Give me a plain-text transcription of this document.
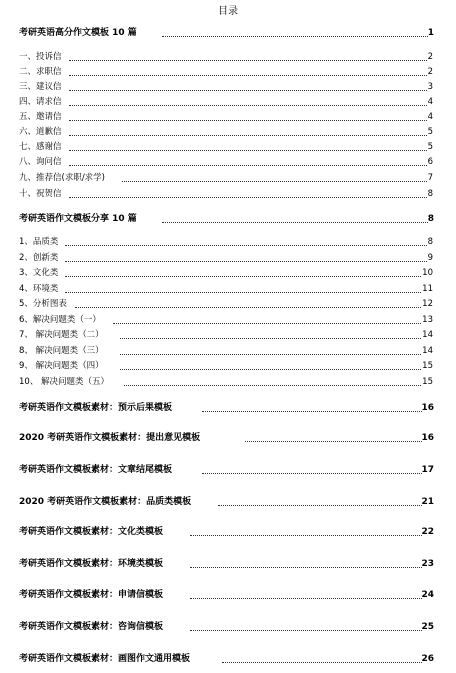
目录
考研英语高分作文模板 10 篇	1
一、投诉信	2
二、求职信	2
三、建议信	3
四、请求信	4
五、邀请信	4
六、道歉信	5
七、感谢信	5
八、询问信	6
九、推荐信(求职/求学)	7
十、祝贺信	8
考研英语作文模板分享 10 篇	8
1、品质类	8
2、创新类	9
3、文化类	10
4、环境类	11
5、分析图表	12
6、解决问题类（一）	13
7、 解决问题类（二）	14
8、 解决问题类（三）	14
9、 解决问题类（四）	15
10、 解决问题类（五）	15
考研英语作文模板素材：预示后果模板	16
2020 考研英语作文模板素材：提出意见模板	16
考研英语作文模板素材：文章结尾模板	17
2020 考研英语作文模板素材：品质类模板	21
考研英语作文模板素材：文化类模板	22
考研英语作文模板素材：环境类模板	23
考研英语作文模板素材：申请信模板	24
考研英语作文模板素材：咨询信模板	25
考研英语作文模板素材：画图作文通用模板	26
